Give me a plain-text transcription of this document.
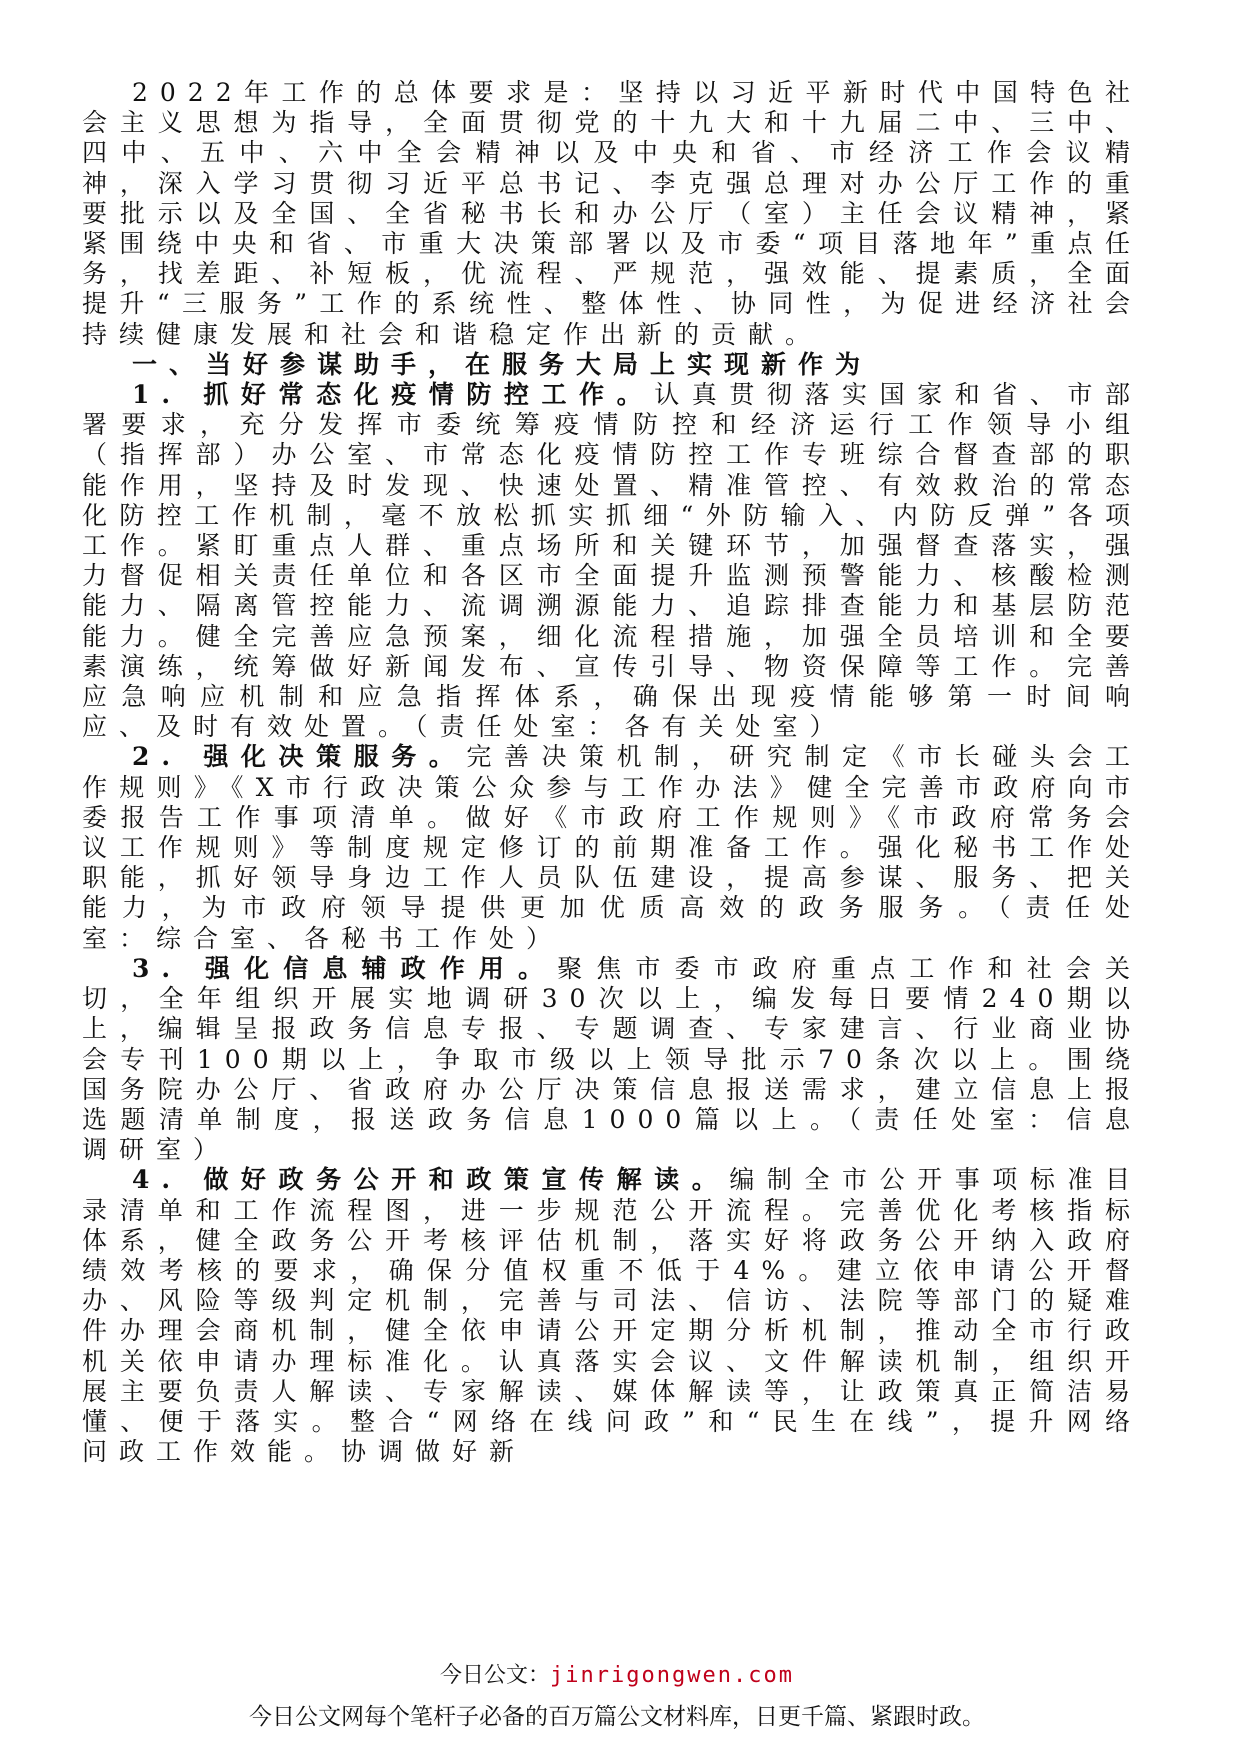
2022年工作的总体要求是：坚持以习近平新时代中国特色社会主义思想为指导，全面贯彻党的十九大和十九届二中、三中、四中、五中、六中全会精神以及中央和省、市经济工作会议精神，深入学习贯彻习近平总书记、李克强总理对办公厅工作的重要批示以及全国、全省秘书长和办公厅（室）主任会议精神，紧紧围绕中央和省、市重大决策部署以及市委“项目落地年”重点任务，找差距、补短板，优流程、严规范，强效能、提素质，全面提升“三服务”工作的系统性、整体性、协同性，为促进经济社会持续健康发展和社会和谐稳定作出新的贡献。

一、当好参谋助手，在服务大局上实现新作为

1. 抓好常态化疫情防控工作。认真贯彻落实国家和省、市部署要求，充分发挥市委统筹疫情防控和经济运行工作领导小组（指挥部）办公室、市常态化疫情防控工作专班综合督查部的职能作用，坚持及时发现、快速处置、精准管控、有效救治的常态化防控工作机制，毫不放松抓实抓细“外防输入、内防反弹”各项工作。紧盯重点人群、重点场所和关键环节，加强督查落实，强力督促相关责任单位和各区市全面提升监测预警能力、核酸检测能力、隔离管控能力、流调溯源能力、追踪排查能力和基层防范能力。健全完善应急预案，细化流程措施，加强全员培训和全要素演练，统筹做好新闻发布、宣传引导、物资保障等工作。完善应急响应机制和应急指挥体系，确保出现疫情能够第一时间响应、及时有效处置。（责任处室：各有关处室）

2. 强化决策服务。完善决策机制，研究制定《市长碰头会工作规则》《X市行政决策公众参与工作办法》健全完善市政府向市委报告工作事项清单。做好《市政府工作规则》《市政府常务会议工作规则》等制度规定修订的前期准备工作。强化秘书工作处职能，抓好领导身边工作人员队伍建设，提高参谋、服务、把关能力，为市政府领导提供更加优质高效的政务服务。（责任处室：综合室、各秘书工作处）

3. 强化信息辅政作用。聚焦市委市政府重点工作和社会关切，全年组织开展实地调研30次以上，编发每日要情240期以上，编辑呈报政务信息专报、专题调查、专家建言、行业商业协会专刊100期以上，争取市级以上领导批示70条次以上。围绕国务院办公厅、省政府办公厅决策信息报送需求，建立信息上报选题清单制度，报送政务信息1000篇以上。（责任处室：信息调研室）

4. 做好政务公开和政策宣传解读。编制全市公开事项标准目录清单和工作流程图，进一步规范公开流程。完善优化考核指标体系，健全政务公开考核评估机制，落实好将政务公开纳入政府绩效考核的要求，确保分值权重不低于4%。建立依申请公开督办、风险等级判定机制，完善与司法、信访、法院等部门的疑难件办理会商机制，健全依申请公开定期分析机制，推动全市行政机关依申请办理标准化。认真落实会议、文件解读机制，组织开展主要负责人解读、专家解读、媒体解读等，让政策真正简洁易懂、便于落实。整合“网络在线问政”和“民生在线”，提升网络问政工作效能。协调做好新

今日公文：jinrigongwen.com
今日公文网每个笔杆子必备的百万篇公文材料库，日更千篇、紧跟时政。
